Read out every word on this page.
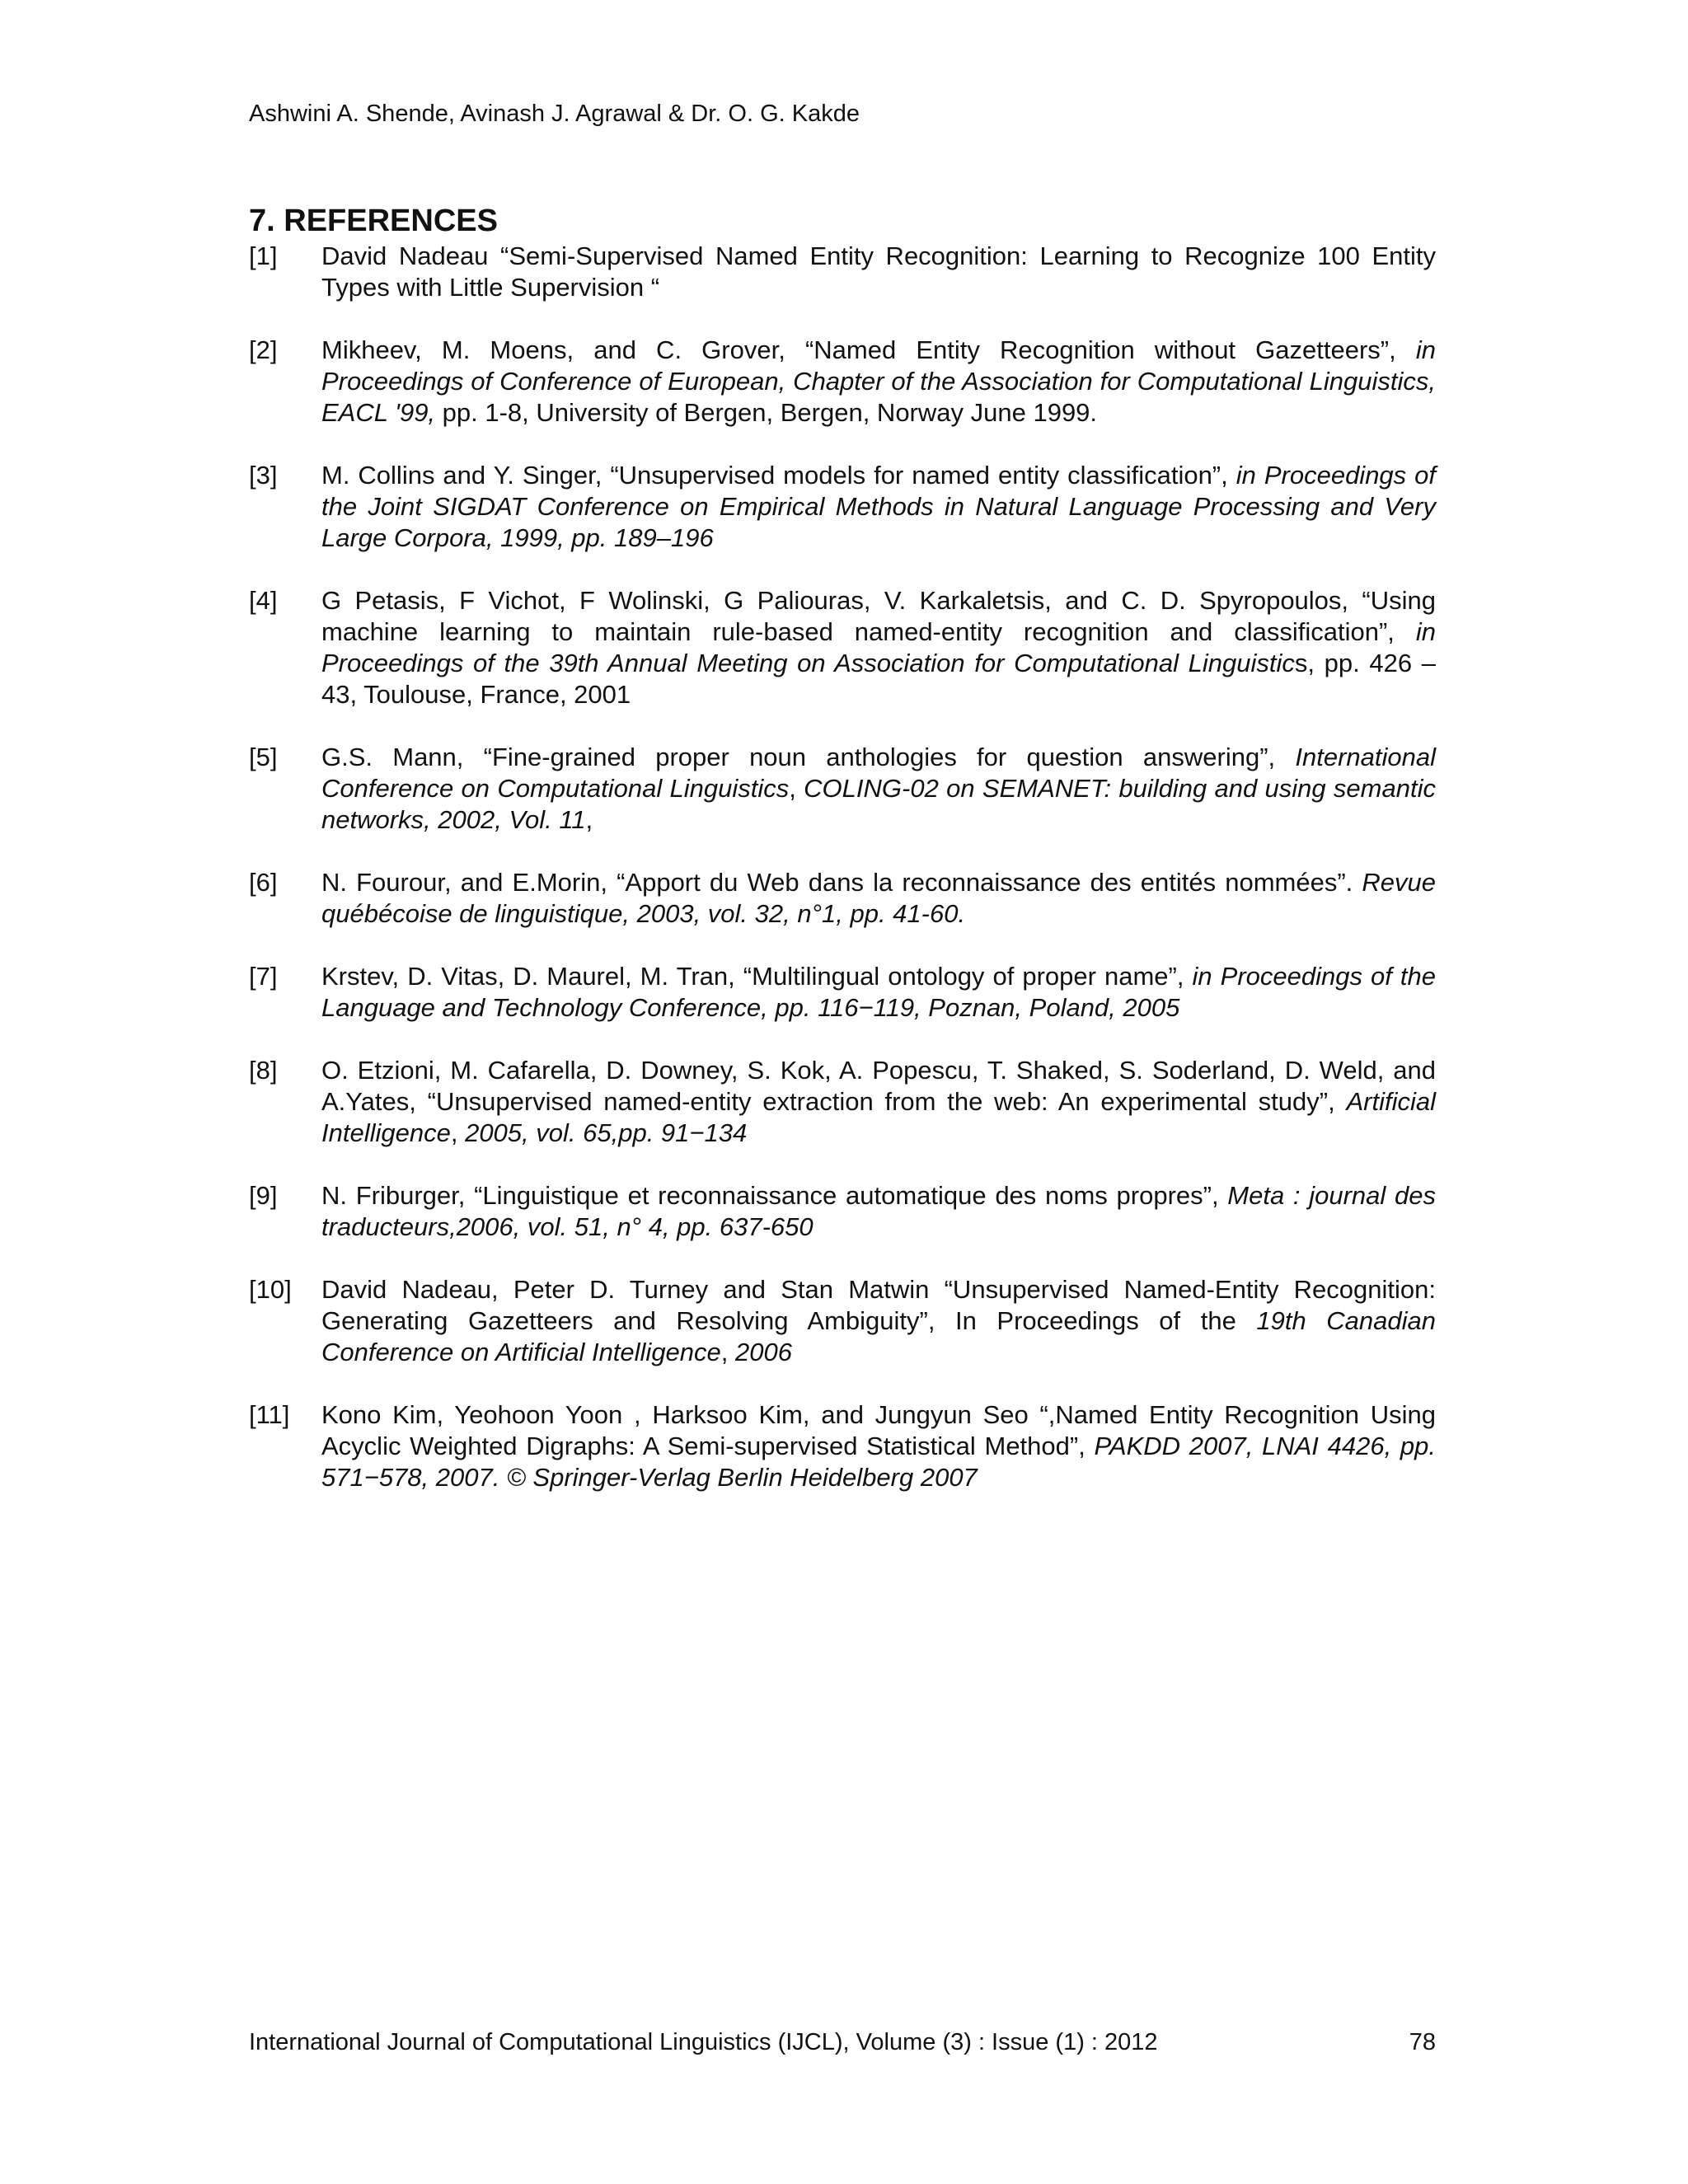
Ashwini A. Shende, Avinash J. Agrawal & Dr. O. G. Kakde
7. REFERENCES
[1] David Nadeau “Semi-Supervised Named Entity Recognition: Learning to Recognize 100 Entity Types with Little Supervision “
[2] Mikheev, M. Moens, and C. Grover, “Named Entity Recognition without Gazetteers”, in Proceedings of Conference of European, Chapter of the Association for Computational Linguistics, EACL '99, pp. 1-8, University of Bergen, Bergen, Norway June 1999.
[3] M. Collins and Y. Singer, “Unsupervised models for named entity classification”, in Proceedings of the Joint SIGDAT Conference on Empirical Methods in Natural Language Processing and Very Large Corpora, 1999, pp. 189–196
[4] G Petasis, F Vichot, F Wolinski, G Paliouras, V. Karkaletsis, and C. D. Spyropoulos, “Using machine learning to maintain rule-based named-entity recognition and classification”, in Proceedings of the 39th Annual Meeting on Association for Computational Linguistics, pp. 426 – 43, Toulouse, France, 2001
[5] G.S. Mann, “Fine-grained proper noun anthologies for question answering”, International Conference on Computational Linguistics, COLING-02 on SEMANET: building and using semantic networks, 2002, Vol. 11,
[6] N. Fourour, and E.Morin, “Apport du Web dans la reconnaissance des entités nommées”. Revue québécoise de linguistique, 2003, vol. 32, n°1, pp. 41-60.
[7] Krstev, D. Vitas, D. Maurel, M. Tran, “Multilingual ontology of proper name”, in Proceedings of the Language and Technology Conference, pp. 116−119, Poznan, Poland, 2005
[8] O. Etzioni, M. Cafarella, D. Downey, S. Kok, A. Popescu, T. Shaked, S. Soderland, D. Weld, and A.Yates, “Unsupervised named-entity extraction from the web: An experimental study”, Artificial Intelligence, 2005, vol. 65,pp. 91−134
[9] N. Friburger, “Linguistique et reconnaissance automatique des noms propres”, Meta : journal des traducteurs,2006, vol. 51, n° 4, pp. 637-650
[10] David Nadeau, Peter D. Turney and Stan Matwin “Unsupervised Named-Entity Recognition: Generating Gazetteers and Resolving Ambiguity”, In Proceedings of the 19th Canadian Conference on Artificial Intelligence, 2006
[11] Kono Kim, Yeohoon Yoon , Harksoo Kim, and Jungyun Seo “,Named Entity Recognition Using Acyclic Weighted Digraphs: A Semi-supervised Statistical Method”, PAKDD 2007, LNAI 4426, pp. 571−578, 2007. © Springer-Verlag Berlin Heidelberg 2007
International Journal of Computational Linguistics (IJCL), Volume (3) : Issue (1) : 2012	78
